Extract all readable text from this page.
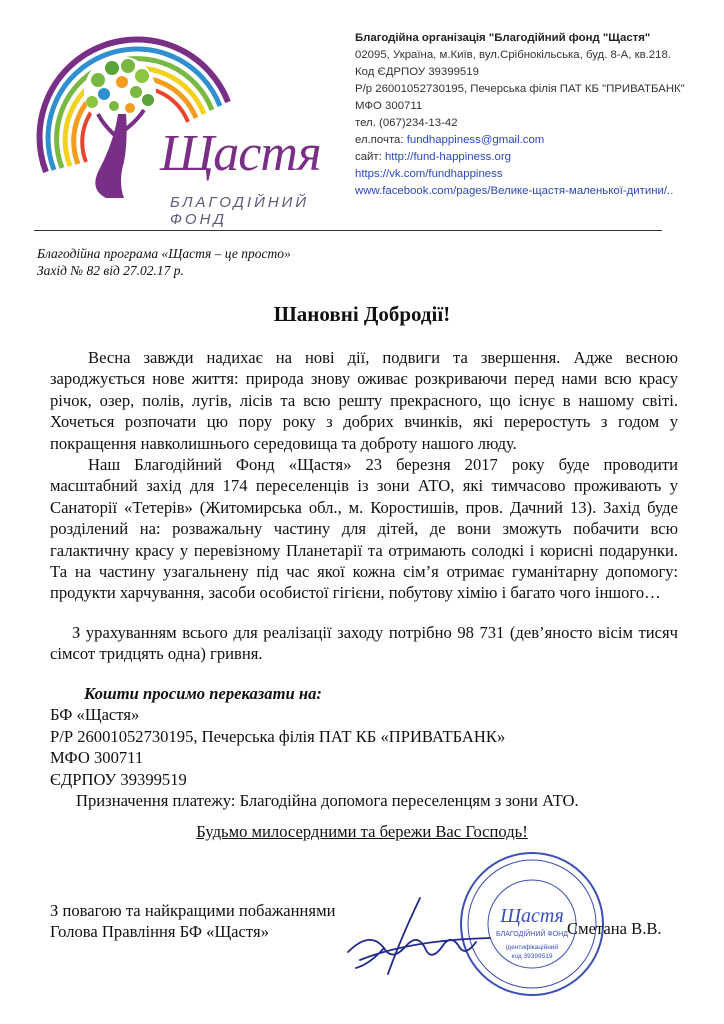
Щастя
БЛАГОДІЙНИЙ ФОНД
Благодійна організація "Благодійний фонд "Щастя"
02095, Україна, м.Київ, вул.Срібнокільська, буд. 8-А, кв.218.
Код ЄДРПОУ 39399519
Р/р 26001052730195, Печерська філія ПАТ КБ "ПРИВАТБАНК"
МФО 300711
тел. (067)234-13-42
ел.почта: fundhappiness@gmail.com
сайт: http://fund-happiness.org
https://vk.com/fundhappiness
www.facebook.com/pages/Велике-щастя-маленької-дитини/..
Благодійна програма «Щастя – це просто»
Захід № 82 від 27.02.17 р.
Шановні Добродії!

Весна завжди надихає на нові дії, подвиги та звершення. Адже весною зароджується нове життя: природа знову оживає розкриваючи перед нами всю красу річок, озер, полів, лугів, лісів та всю решту прекрасного, що існує в нашому світі. Хочеться розпочати цю пору року з добрих вчинків, які переростуть з годом у покращення навколишнього середовища та доброту нашого люду.

Наш Благодійний Фонд «Щастя» 23 березня 2017 року буде проводити масштабний захід для 174 переселенців із зони АТО, які тимчасово проживають у Санаторії «Тетерів» (Житомирська обл., м. Коростишів, пров. Дачний 13). Захід буде розділений на: розважальну частину для дітей, де вони зможуть побачити всю галактичну красу у перевізному Планетарії та отримають солодкі і корисні подарунки. Та на частину узагальнену під час якої кожна сім’я отримає гуманітарну допомогу: продукти харчування, засоби особистої гігієни, побутову хімію і багато чого іншого…

З урахуванням всього для реалізації заходу потрібно 98 731 (дев’яносто вісім тисяч сімсот тридцять одна) гривня.

Кошти просимо переказати на:
БФ «Щастя»
Р/Р 26001052730195, Печерська філія ПАТ КБ «ПРИВАТБАНК»
МФО 300711
ЄДРПОУ 39399519
Призначення платежу: Благодійна допомога переселенцям з зони АТО.
Будьмо милосердними та бережи Вас Господь!
З повагою та найкращими побажаннями
Голова Правління БФ «Щастя»
Щастя
БЛАГОДІЙНИЙ ФОНД
ідентифікаційний
код 39399519
Сметана В.В.
